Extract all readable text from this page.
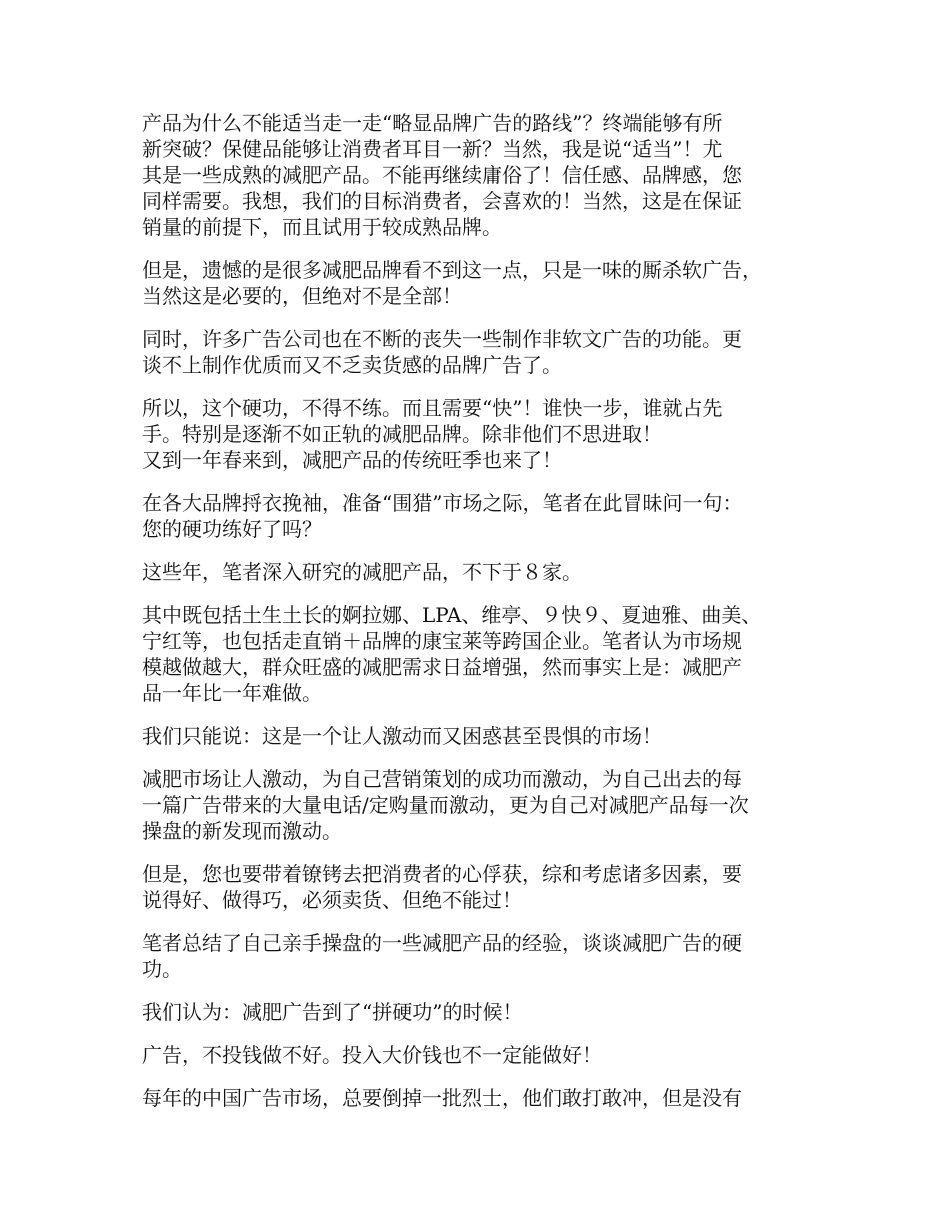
产品为什么不能适当走一走“略显品牌广告的路线”？终端能够有所
新突破？保健品能够让消费者耳目一新？当然，我是说“适当”！尤
其是一些成熟的减肥产品。不能再继续庸俗了！信任感、品牌感，您
同样需要。我想，我们的目标消费者，会喜欢的！当然，这是在保证
销量的前提下，而且试用于较成熟品牌。
但是，遗憾的是很多减肥品牌看不到这一点，只是一味的厮杀软广告，
当然这是必要的，但绝对不是全部！
同时，许多广告公司也在不断的丧失一些制作非软文广告的功能。更
谈不上制作优质而又不乏卖货感的品牌广告了。
所以，这个硬功，不得不练。而且需要“快”！谁快一步，谁就占先
手。特别是逐渐不如正轨的减肥品牌。除非他们不思进取！
又到一年春来到，减肥产品的传统旺季也来了！
在各大品牌捋衣挽袖，准备“围猎”市场之际，笔者在此冒昧问一句：
您的硬功练好了吗？
这些年，笔者深入研究的减肥产品，不下于８家。
其中既包括土生土长的婀拉娜、LPA、维亭、９快９、夏迪雅、曲美、
宁红等，也包括走直销＋品牌的康宝莱等跨国企业。笔者认为市场规
模越做越大，群众旺盛的减肥需求日益增强，然而事实上是：减肥产
品一年比一年难做。
我们只能说：这是一个让人激动而又困惑甚至畏惧的市场！
减肥市场让人激动，为自己营销策划的成功而激动，为自己出去的每
一篇广告带来的大量电话/定购量而激动，更为自己对减肥产品每一次
操盘的新发现而激动。
但是，您也要带着镣铐去把消费者的心俘获，综和考虑诸多因素，要
说得好、做得巧，必须卖货、但绝不能过！
笔者总结了自己亲手操盘的一些减肥产品的经验，谈谈减肥广告的硬
功。
我们认为：减肥广告到了“拼硬功”的时候！
广告，不投钱做不好。投入大价钱也不一定能做好！
每年的中国广告市场，总要倒掉一批烈士，他们敢打敢冲，但是没有
